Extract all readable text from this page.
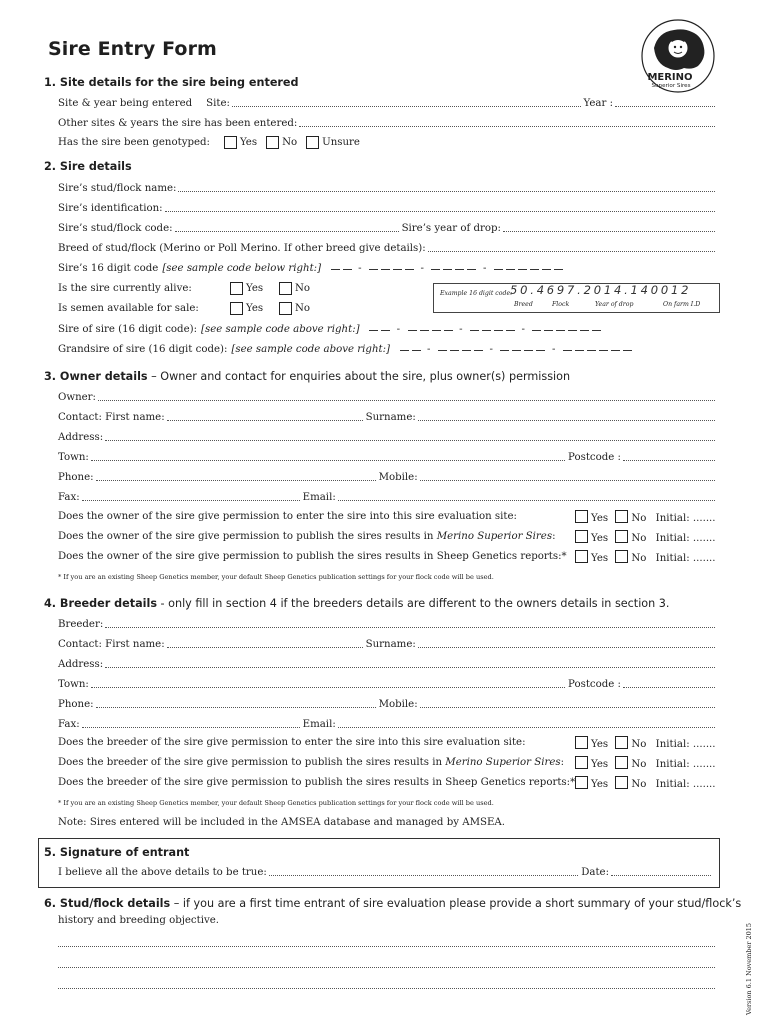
Sire Entry Form
MERINO
Superior Sires
1. Site details for the sire being entered
Site & year being entered Site:	Year :
Other sites & years the sire has been entered:
Has the sire been genotyped:	Yes No Unsure
2. Sire details
Sire’s stud/flock name:
Sire’s identification:
Sire’s stud/flock code:	Sire’s year of drop:
Breed of stud/flock (Merino or Poll Merino. If other breed give details):
Sire’s 16 digit code [see sample code below right:]	-	-	-
Is the sire currently alive:	Yes	No
Is semen available for sale:	Yes	No
Example 16 digit code:
50.4697.2014.140012
Breed	Flock	Year of drop	On farm I.D
Sire of sire (16 digit code): [see sample code above right:]	-	-	-
Grandsire of sire (16 digit code): [see sample code above right:]	-	-	-
3. Owner details – Owner and contact for enquiries about the sire, plus owner(s) permission
Owner:
Contact: First name:	Surname:
Address:
Town:	Postcode :
Phone:	Mobile:
Fax:	Email:
Does the owner of the sire give permission to enter the sire into this sire evaluation site:	Yes No Initial: .......
Does the owner of the sire give permission to publish the sires results in Merino Superior Sires:	Yes No Initial: .......
Does the owner of the sire give permission to publish the sires results in Sheep Genetics reports:*	Yes No Initial: .......
* If you are an existing Sheep Genetics member, your default Sheep Genetics publication settings for your flock code will be used.
4. Breeder details - only fill in section 4 if the breeders details are different to the owners details in section 3.
Breeder:
Contact: First name:	Surname:
Address:
Town:	Postcode :
Phone:	Mobile:
Fax:	Email:
Does the breeder of the sire give permission to enter the sire into this sire evaluation site:	Yes No Initial: .......
Does the breeder of the sire give permission to publish the sires results in Merino Superior Sires:	Yes No Initial: .......
Does the breeder of the sire give permission to publish the sires results in Sheep Genetics reports:*	Yes No Initial: .......
* If you are an existing Sheep Genetics member, your default Sheep Genetics publication settings for your flock code will be used.
Note: Sires entered will be included in the AMSEA database and managed by AMSEA.
5. Signature of entrant
I believe all the above details to be true:	Date:
6. Stud/flock details – if you are a first time entrant of sire evaluation please provide a short summary of your stud/flock’s
history and breeding objective.
Version 6.1 November 2015
